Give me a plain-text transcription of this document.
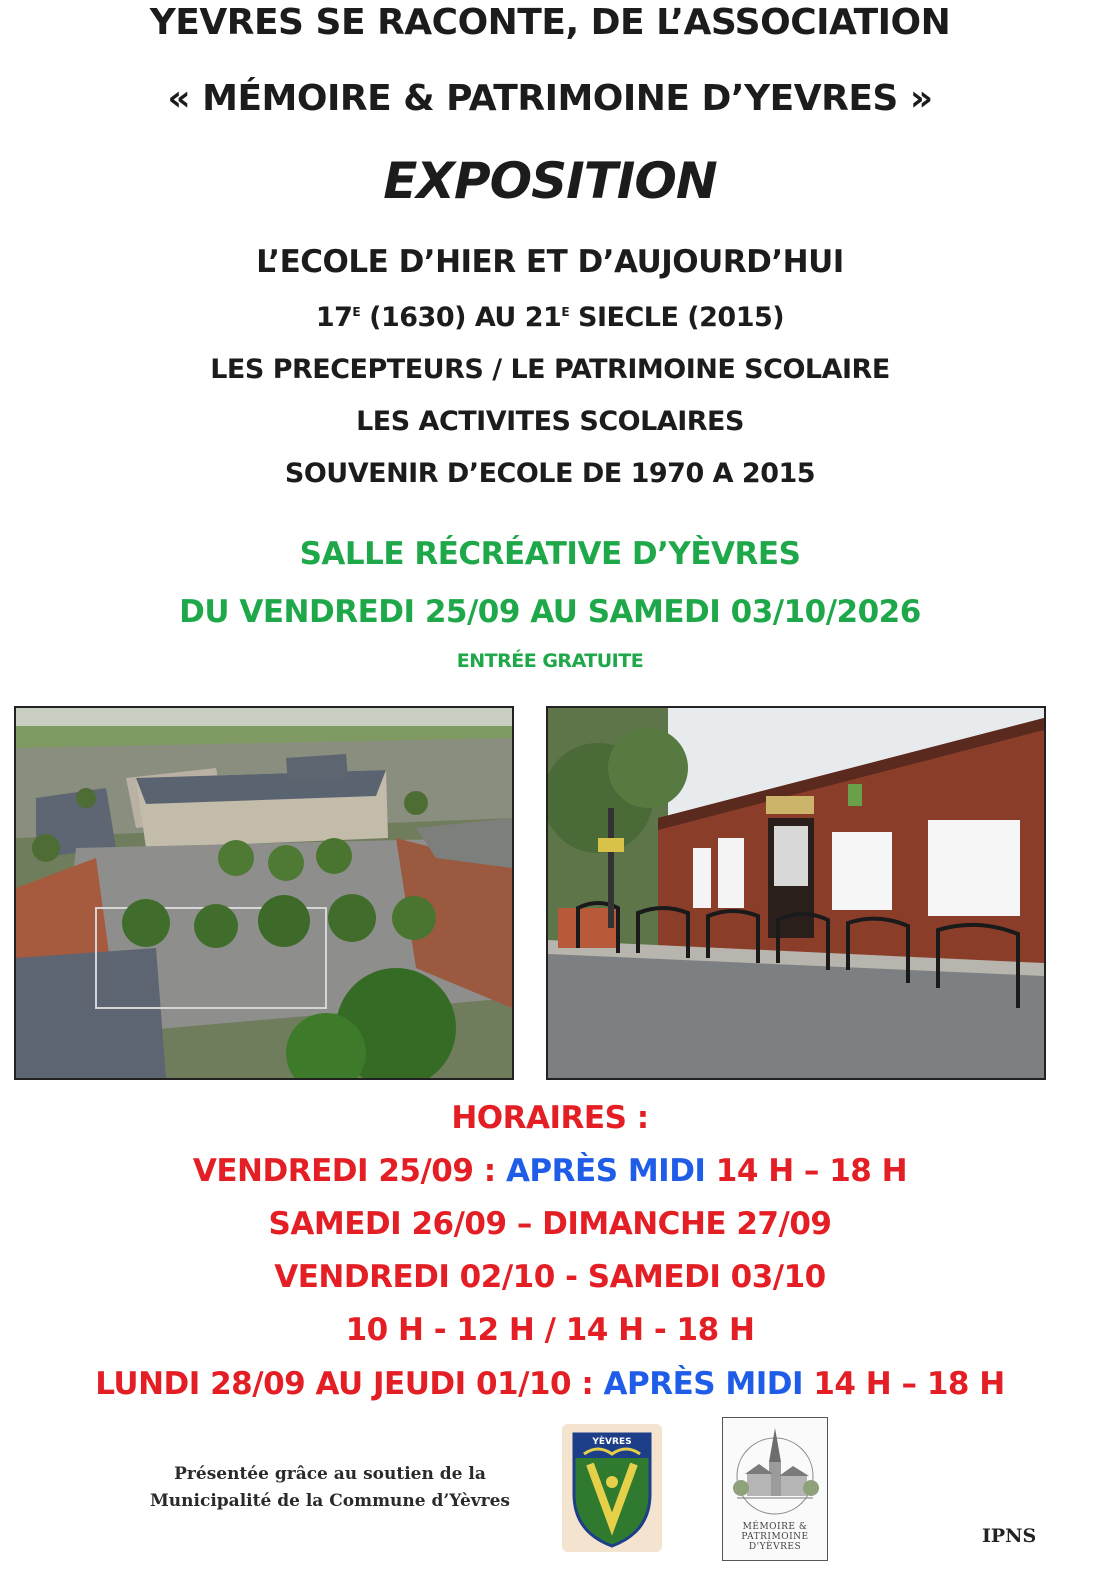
YEVRES SE RACONTE, DE L’ASSOCIATION
« MÉMOIRE & PATRIMOINE D’YEVRES »
EXPOSITION
L’ECOLE D’HIER ET D’AUJOURD’HUI
$17^E$ (1630) AU $21^E$ SIECLE (2015)
LES PRECEPTEURS / LE PATRIMOINE SCOLAIRE
LES ACTIVITES SCOLAIRES
SOUVENIR D’ECOLE DE 1970 A 2015
SALLE RÉCRÉATIVE D’YÈVRES
DU VENDREDI 25/09 AU SAMEDI 03/10/2026
ENTRÉE GRATUITE
HORAIRES :
VENDREDI 25/09 : APRÈS MIDI 14 H – 18 H
SAMEDI 26/09 – DIMANCHE 27/09
VENDREDI 02/10 - SAMEDI 03/10
10 H - 12 H / 14 H - 18 H
LUNDI 28/09 AU JEUDI 01/10 : APRÈS MIDI 14 H – 18 H
Présentée grâce au soutien de la
Municipalité de la Commune d’Yèvres
YÈVRES
MÉMOIRE &
PATRIMOINE
D'YÈVRES	IPNS
